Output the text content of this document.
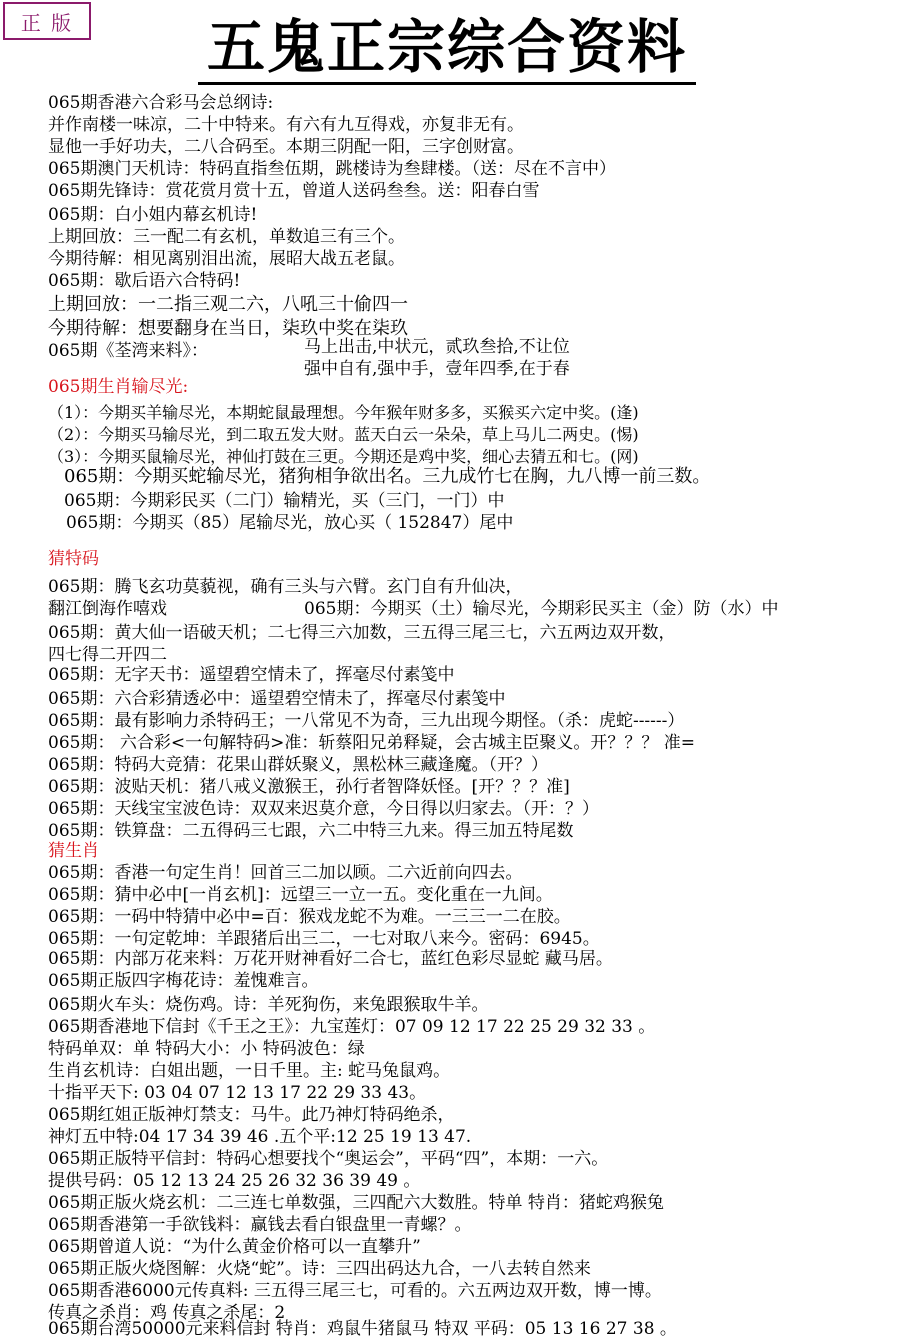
正 版	五鬼正宗综合资料
065期香港六合彩马会总纲诗:
并作南楼一味凉，二十中特来。有六有九互得戏，亦复非无有。
显他一手好功夫，二八合码至。本期三阴配一阳，三字创财富。
065期澳门天机诗：特码直指叁伍期，跳楼诗为叁肆楼。（送：尽在不言中）
065期先锋诗：赏花赏月赏十五，曾道人送码叁叁。送：阳春白雪
065期：白小姐内幕玄机诗!
上期回放：三一配二有玄机，单数追三有三个。
今期待解：相见离别泪出流，展昭大战五老鼠。
065期：歇后语六合特码!
上期回放：一二指三观二六，八吼三十偷四一
今期待解：想要翻身在当日，柒玖中奖在柒玖
065期《荃湾来料》：	马上出击,中状元，贰玖叁拾,不让位
强中自有,强中手，壹年四季,在于春
065期生肖输尽光:
（1）：今期买羊输尽光，本期蛇鼠最理想。今年猴年财多多，买猴买六定中奖。(逢)
（2）：今期买马输尽光，到二取五发大财。蓝天白云一朵朵，草上马儿二两史。(惕)
（3）：今期买鼠输尽光，神仙打鼓在三更。今期还是鸡中奖，细心去猜五和七。(网)
065期：今期买蛇输尽光，猪狗相争欲出名。三九成竹七在胸，九八博一前三数。
065期：今期彩民买（二门）输精光，买（三门，一门）中
065期：今期买（85）尾输尽光，放心买（ 152847）尾中
猜特码
065期：腾飞玄功莫藐视，确有三头与六臂。玄门自有升仙决，
翻江倒海作嘻戏	065期：今期买（土）输尽光，今期彩民买主（金）防（水）中
065期：黄大仙一语破天机；二七得三六加数，三五得三尾三七，六五两边双开数，
四七得二开四二
065期：无字天书：遥望碧空情未了，挥毫尽付素笺中
065期：六合彩猜透必中：遥望碧空情未了，挥毫尽付素笺中
065期：最有影响力杀特码王；一八常见不为奇，三九出现今期怪。（杀：虎蛇------）
065期： 六合彩<一句解特码>准：斩蔡阳兄弟释疑，会古城主臣聚义。开？？？ 准=
065期：特码大竞猜：花果山群妖聚义，黑松林三藏逢魔。（开？）
065期：波贴天机：猪八戒义激猴王，孙行者智降妖怪。[开？？？准]
065期：天线宝宝波色诗：双双来迟莫介意，今日得以归家去。（开：？）
065期：铁算盘：二五得码三七跟，六二中特三九来。得三加五特尾数
猜生肖
065期：香港一句定生肖！回首三二加以顾。二六近前向四去。
065期：猜中必中[一肖玄机]：远望三一立一五。变化重在一九间。
065期：一码中特猜中必中=百：猴戏龙蛇不为难。一三三一二在胶。
065期：一句定乾坤：羊跟猪后出三二，一七对取八来今。密码：6945。
065期：内部万花来料：万花开财神看好二合七，蓝红色彩尽显蛇 藏马居。
065期正版四字梅花诗：羞愧难言。
065期火车头：烧伤鸡。诗：羊死狗伤，来兔跟猴取牛羊。
065期香港地下信封《千王之王》：九宝莲灯：07 09 12 17 22 25 29 32 33 。
特码单双：单 特码大小：小 特码波色：绿
生肖玄机诗：白姐出题，一日千里。主: 蛇马兔鼠鸡。
十指平天下: 03 04 07 12 13 17 22 29 33 43。
065期红姐正版神灯禁支：马牛。此乃神灯特码绝杀，
神灯五中特:04 17 34 39 46 .五个平:12 25 19 13 47.
065期正版特平信封：特码心想要找个“奥运会”，平码“四”，本期：一六。
提供号码：05 12 13 24 25 26 32 36 39 49 。
065期正版火烧玄机：二三连七单数强，三四配六大数胜。特单 特肖：猪蛇鸡猴兔
065期香港第一手欲钱料：赢钱去看白银盘里一青螺？。
065期曾道人说：“为什么黄金价格可以一直攀升”
065期正版火烧图解：火烧“蛇”。诗：三四出码达九合，一八去转自然来
065期香港6000元传真料: 三五得三尾三七，可看的。六五两边双开数，博一博。
传真之杀肖：鸡 传真之杀尾：2
065期台湾50000元来料信封 特肖：鸡鼠牛猪鼠马 特双 平码：05 13 16 27 38 。
